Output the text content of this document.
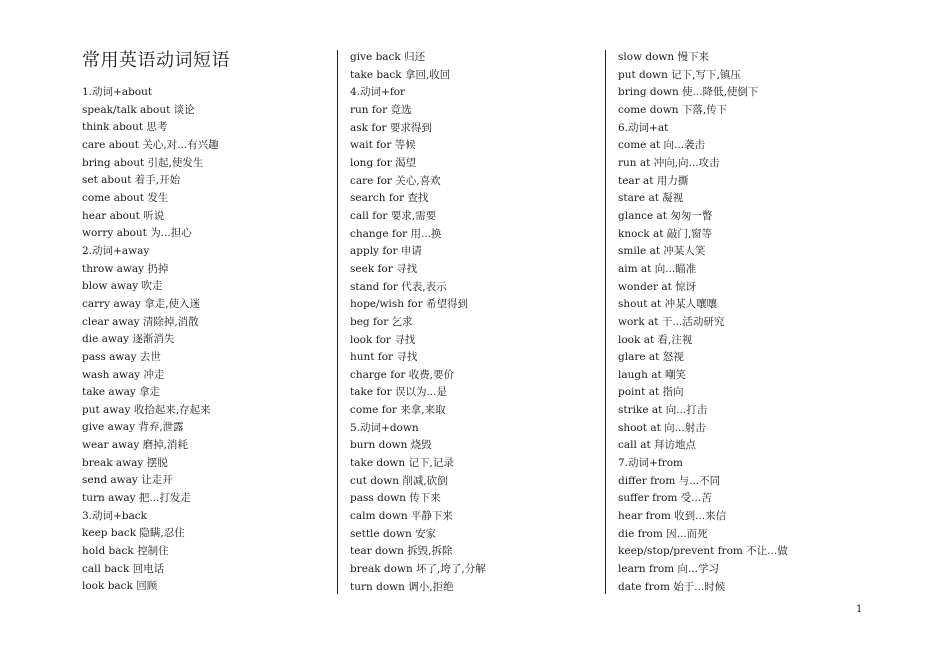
常用英语动词短语
1.动词+about
speak/talk about 谈论
think about 思考
care about 关心,对...有兴趣
bring about 引起,使发生
set about 着手,开始
come about 发生
hear about 听说
worry about 为...担心
2.动词+away
throw away 扔掉
blow away 吹走
carry away 拿走,使入迷
clear away 清除掉,消散
die away 逐渐消失
pass away 去世
wash away 冲走
take away 拿走
put away 收拾起来,存起来
give away 背弃,泄露
wear away 磨掉,消耗
break away 摆脱
send away 让走开
turn away 把...打发走
3.动词+back
keep back 隐瞒,忍住
hold back 控制住
call back 回电话
look back 回顾
give back 归还
take back 拿回,收回
4.动词+for
run for 竞选
ask for 要求得到
wait for 等候
long for 渴望
care for 关心,喜欢
search for 查找
call for 要求,需要
change for 用...换
apply for 申请
seek for 寻找
stand for 代表,表示
hope/wish for 希望得到
beg for 乞求
look for 寻找
hunt for 寻找
charge for 收费,要价
take for 误以为...是
come for 来拿,来取
5.动词+down
burn down 烧毁
take down 记下,记录
cut down 削减,砍倒
pass down 传下来
calm down 平静下来
settle down 安家
tear down 拆毁,拆除
break down 坏了,垮了,分解
turn down 调小,拒绝
slow down 慢下来
put down 记下,写下,镇压
bring down 使...降低,使倒下
come down 下落,传下
6.动词+at
come at 向...袭击
run at 冲向,向...攻击
tear at 用力撕
stare at 凝视
glance at 匆匆一瞥
knock at 敲门,窗等
smile at 冲某人笑
aim at 向...瞄准
wonder at 惊讶
shout at 冲某人嚷嚷
work at 干...活动研究
look at 看,注视
glare at 怒视
laugh at 嘲笑
point at 指向
strike at 向...打击
shoot at 向...射击
call at 拜访地点
7.动词+from
differ from 与...不同
suffer from 受...苦
hear from 收到...来信
die from 因...而死
keep/stop/prevent from 不让...做
learn from 向...学习
date from 始于...时候
1
